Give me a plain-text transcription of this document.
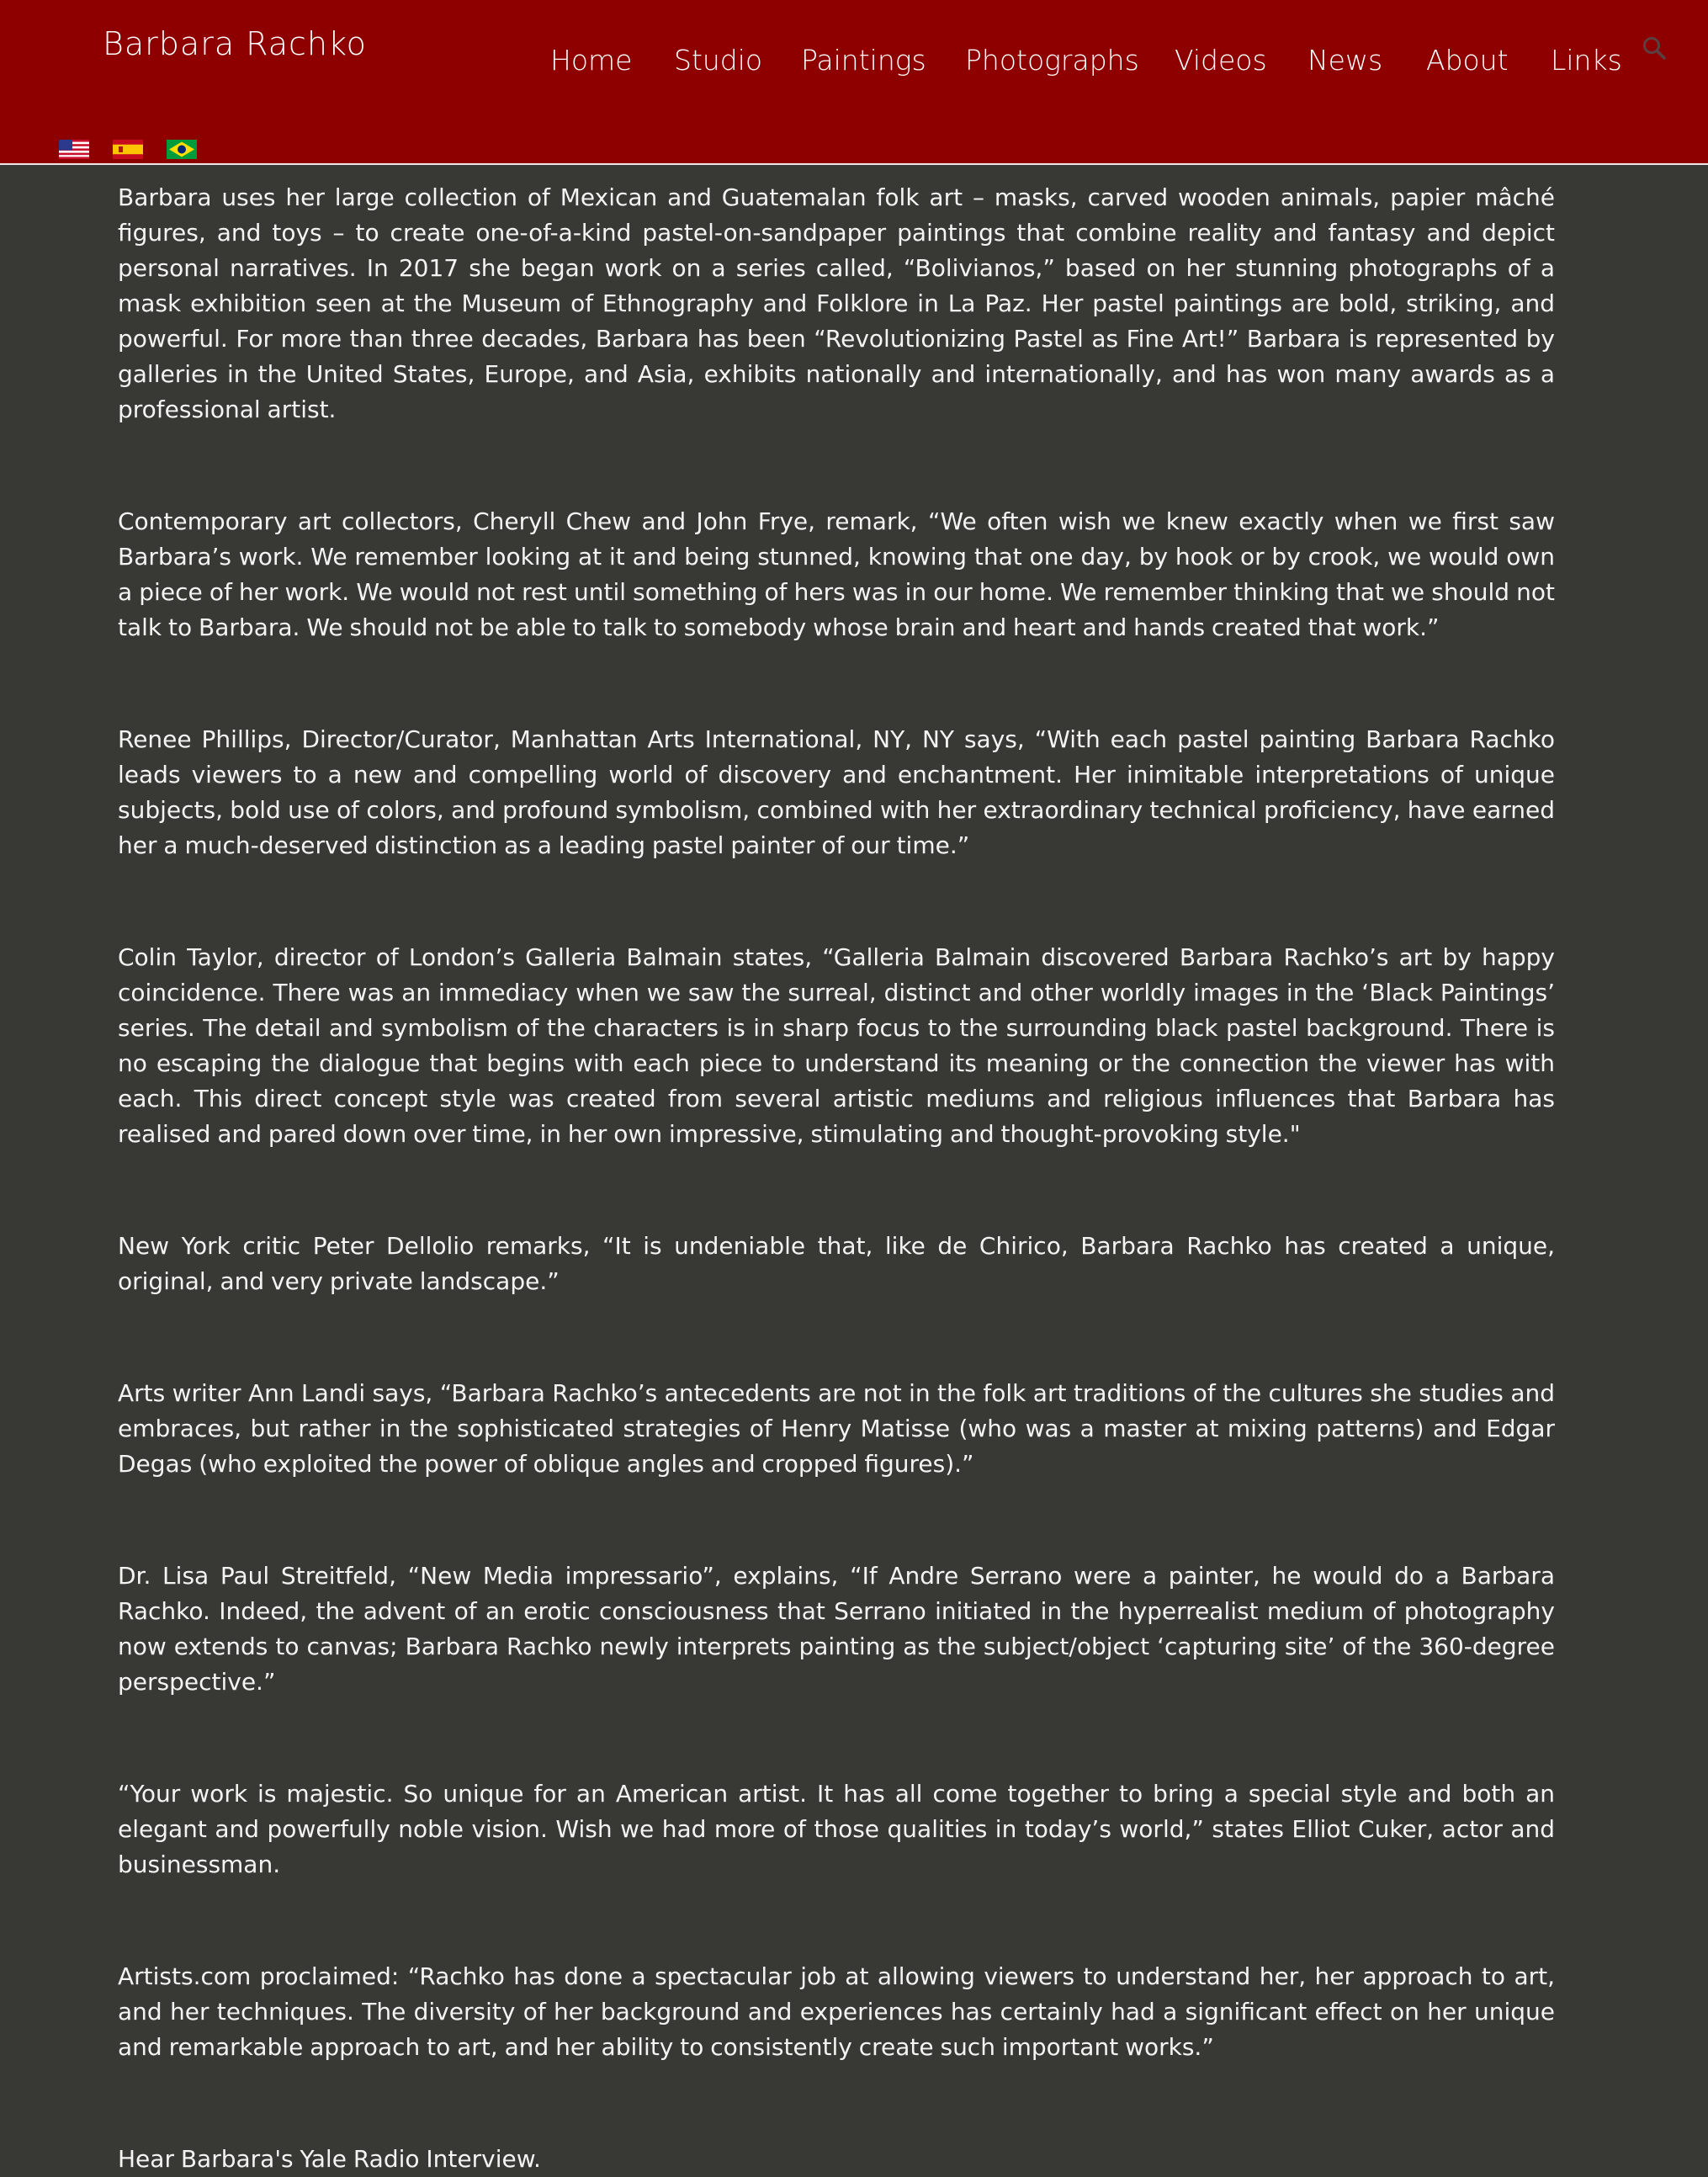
Barbara Rachko	Home Studio Paintings Photographs Videos News About Links

Barbara uses her large collection of Mexican and Guatemalan folk art – masks, carved wooden animals, papier mâché figures, and toys – to create one-of-a-kind pastel-on-sandpaper paintings that combine reality and fantasy and depict personal narratives. In 2017 she began work on a series called, “Bolivianos,” based on her stunning photographs of a mask exhibition seen at the Museum of Ethnography and Folklore in La Paz. Her pastel paintings are bold, striking, and powerful. For more than three decades, Barbara has been “Revolutionizing Pastel as Fine Art!” Barbara is represented by galleries in the United States, Europe, and Asia, exhibits nationally and internationally, and has won many awards as a professional artist.

Contemporary art collectors, Cheryll Chew and John Frye, remark, “We often wish we knew exactly when we first saw Barbara’s work. We remember looking at it and being stunned, knowing that one day, by hook or by crook, we would own a piece of her work. We would not rest until something of hers was in our home. We remember thinking that we should not talk to Barbara. We should not be able to talk to somebody whose brain and heart and hands created that work.”

Renee Phillips, Director/Curator, Manhattan Arts International, NY, NY says, “With each pastel painting Barbara Rachko leads viewers to a new and compelling world of discovery and enchantment. Her inimitable interpretations of unique subjects, bold use of colors, and profound symbolism, combined with her extraordinary technical proficiency, have earned her a much-deserved distinction as a leading pastel painter of our time.”

Colin Taylor, director of London’s Galleria Balmain states, “Galleria Balmain discovered Barbara Rachko’s art by happy coincidence. There was an immediacy when we saw the surreal, distinct and other worldly images in the ‘Black Paintings’ series. The detail and symbolism of the characters is in sharp focus to the surrounding black pastel background. There is no escaping the dialogue that begins with each piece to understand its meaning or the connection the viewer has with each. This direct concept style was created from several artistic mediums and religious influences that Barbara has realised and pared down over time, in her own impressive, stimulating and thought-provoking style."

New York critic Peter Dellolio remarks, “It is undeniable that, like de Chirico, Barbara Rachko has created a unique, original, and very private landscape.”

Arts writer Ann Landi says, “Barbara Rachko’s antecedents are not in the folk art traditions of the cultures she studies and embraces, but rather in the sophisticated strategies of Henry Matisse (who was a master at mixing patterns) and Edgar Degas (who exploited the power of oblique angles and cropped figures).”

Dr. Lisa Paul Streitfeld, “New Media impressario”, explains, “If Andre Serrano were a painter, he would do a Barbara Rachko. Indeed, the advent of an erotic consciousness that Serrano initiated in the hyperrealist medium of photography now extends to canvas; Barbara Rachko newly interprets painting as the subject/object ‘capturing site’ of the 360-degree perspective.”

“Your work is majestic. So unique for an American artist. It has all come together to bring a special style and both an elegant and powerfully noble vision. Wish we had more of those qualities in today’s world,” states Elliot Cuker, actor and businessman.

Artists.com proclaimed: “Rachko has done a spectacular job at allowing viewers to understand her, her approach to art, and her techniques. The diversity of her background and experiences has certainly had a significant effect on her unique and remarkable approach to art, and her ability to consistently create such important works.”

Hear Barbara's Yale Radio Interview.
